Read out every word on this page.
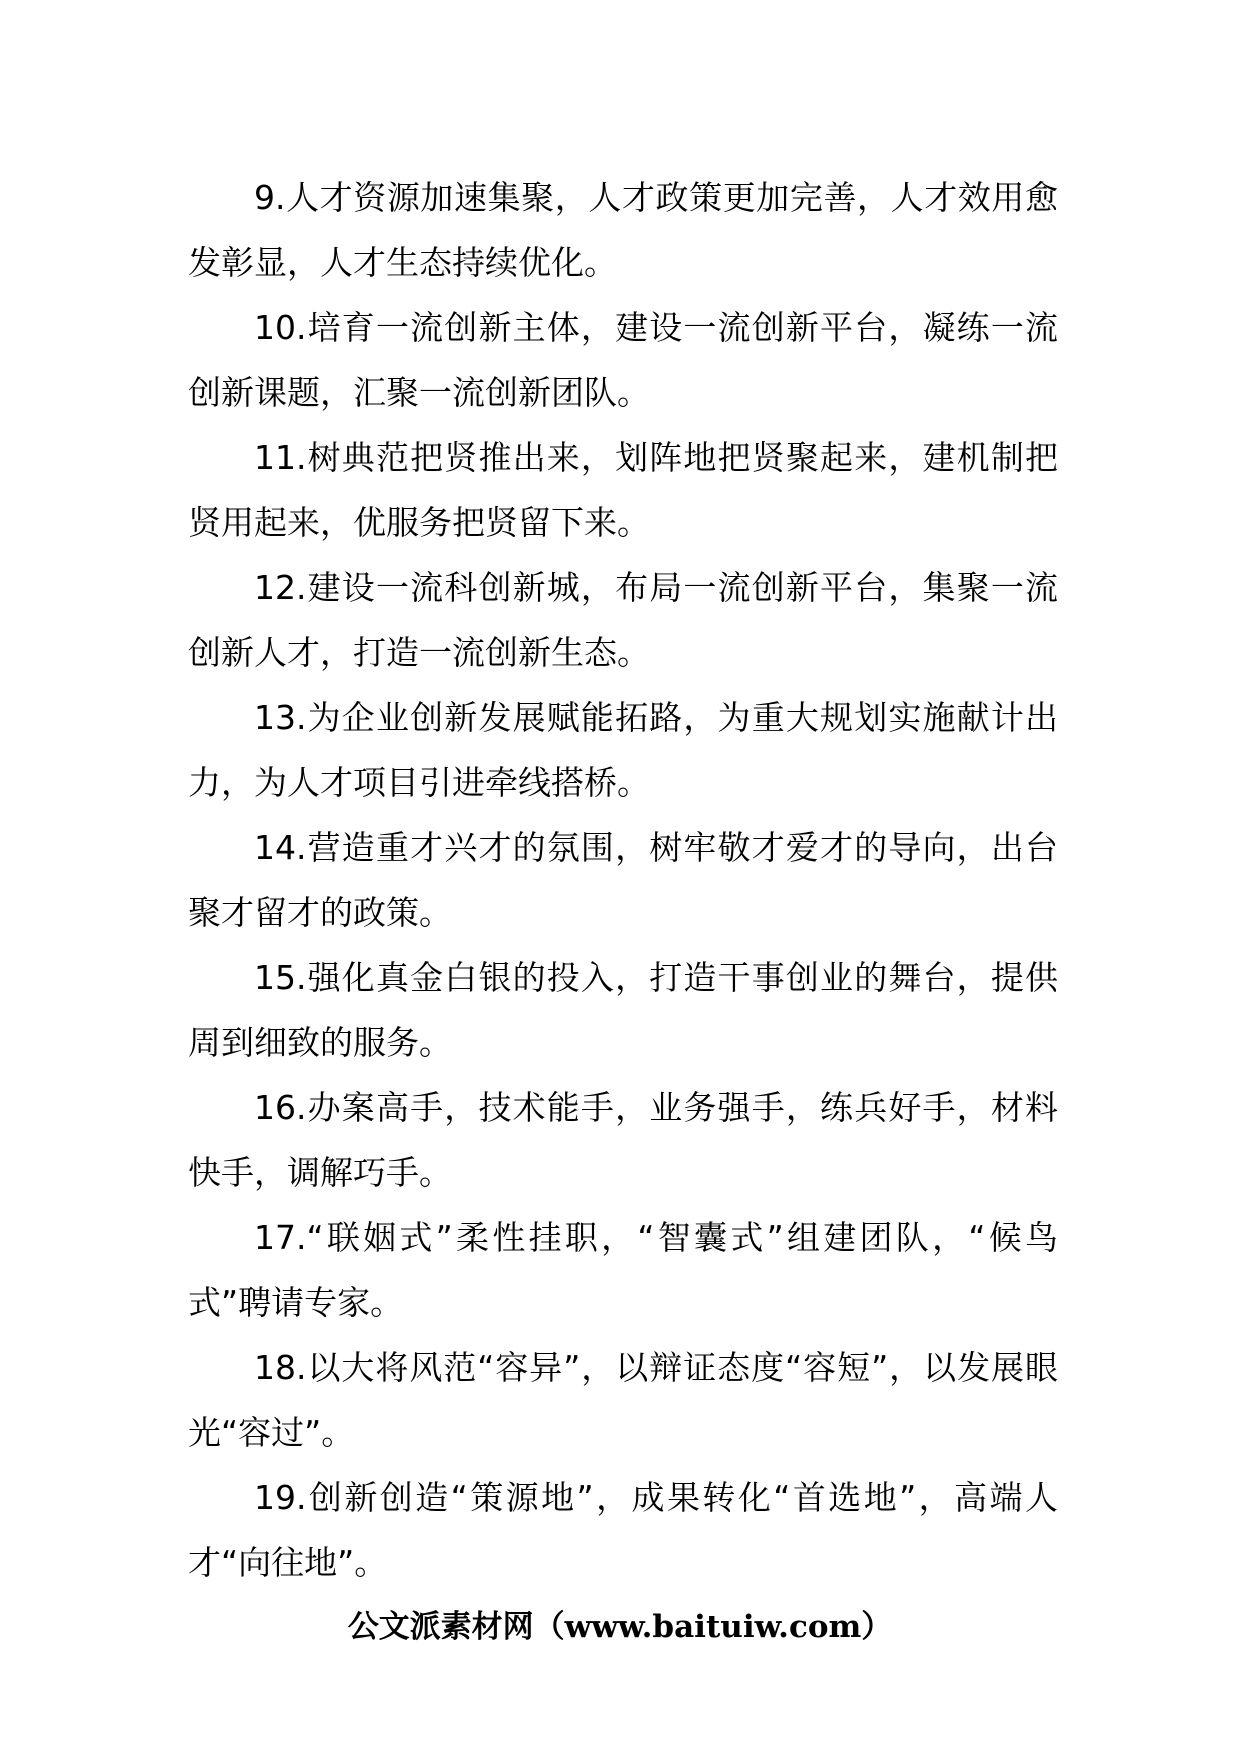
9.人才资源加速集聚，人才政策更加完善，人才效用愈发彰显，人才生态持续优化。

10.培育一流创新主体，建设一流创新平台，凝练一流创新课题，汇聚一流创新团队。

11.树典范把贤推出来，划阵地把贤聚起来，建机制把贤用起来，优服务把贤留下来。

12.建设一流科创新城，布局一流创新平台，集聚一流创新人才，打造一流创新生态。

13.为企业创新发展赋能拓路，为重大规划实施献计出力，为人才项目引进牵线搭桥。

14.营造重才兴才的氛围，树牢敬才爱才的导向，出台聚才留才的政策。

15.强化真金白银的投入，打造干事创业的舞台，提供周到细致的服务。

16.办案高手，技术能手，业务强手，练兵好手，材料快手，调解巧手。

17.“联姻式”柔性挂职，“智囊式”组建团队，“候鸟式”聘请专家。

18.以大将风范“容异”，以辩证态度“容短”，以发展眼光“容过”。

19.创新创造“策源地”，成果转化“首选地”，高端人才“向往地”。

公文派素材网（www.baituiw.com）
